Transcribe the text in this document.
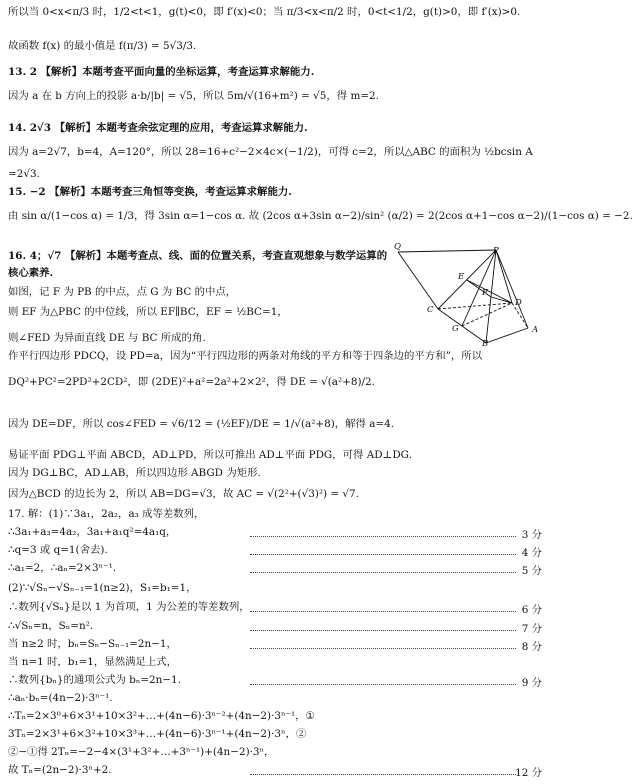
所以当 0<x<π/3 时，1/2<t<1，g(t)<0，即 f′(x)<0；当 π/3<x<π/2 时，0<t<1/2，g(t)>0，即 f′(x)>0.
故函数 f(x) 的最小值是 f(π/3) = 5√3/3.
13. 2 【解析】本题考查平面向量的坐标运算，考查运算求解能力.
因为 a 在 b 方向上的投影 a·b/|b| = √5，所以 5m/√(16+m²) = √5，得 m=2.
14. 2√3 【解析】本题考查余弦定理的应用，考查运算求解能力.
因为 a=2√7，b=4，A=120°，所以 28=16+c²−2×4c×(−1/2)，可得 c=2，所以△ABC 的面积为 ½bcsin A
=2√3.
15. −2 【解析】本题考查三角恒等变换，考查运算求解能力.
由 sin α/(1−cos α) = 1/3，得 3sin α=1−cos α. 故 (2cos α+3sin α−2)/sin² (α/2) = 2(2cos α+1−cos α−2)/(1−cos α) = −2.
16. 4；√7 【解析】本题考查点、线、面的位置关系，考查直观想象与数学运算的
核心素养.
如图，记 F 为 PB 的中点，点 G 为 BC 的中点，
则 EF 为△PBC 的中位线，所以 EF∥BC，EF = ½BC=1，
则∠FED 为异面直线 DE 与 BC 所成的角.
作平行四边形 PDCQ，设 PD=a，因为“平行四边形的两条对角线的平方和等于四条边的平方和”，所以
DQ²+PC²=2PD²+2CD²，即 (2DE)²+a²=2a²+2×2²，得 DE = √(a²+8)/2.
因为 DE=DF，所以 cos∠FED = √6/12 = (½EF)/DE = 1/√(a²+8)，解得 a=4.
易证平面 PDG⊥平面 ABCD，AD⊥PD，所以可推出 AD⊥平面 PDG，可得 AD⊥DG.
因为 DG⊥BC，AD⊥AB，所以四边形 ABGD 为矩形.
因为△BCD 的边长为 2，所以 AB=DG=√3，故 AC = √(2²+(√3)²) = √7.
17. 解：(1)∵3a₁，2a₂，a₃ 成等差数列，
∴3a₁+a₃=4a₂，3a₁+a₁q²=4a₁q，	3 分
∴q=3 或 q=1(舍去).	4 分
∴a₁=2，∴aₙ=2×3ⁿ⁻¹.	5 分
(2)∵√Sₙ−√Sₙ₋₁=1(n≥2)，S₁=b₁=1，
∴数列{√Sₙ}是以 1 为首项，1 为公差的等差数列，	6 分
∴√Sₙ=n，Sₙ=n².	7 分
当 n≥2 时，bₙ=Sₙ−Sₙ₋₁=2n−1，	8 分
当 n=1 时，b₁=1，显然满足上式，
∴数列{bₙ}的通项公式为 bₙ=2n−1.	9 分
∴aₙ·bₙ=(4n−2)·3ⁿ⁻¹.
∴Tₙ=2×3⁰+6×3¹+10×3²+…+(4n−6)·3ⁿ⁻²+(4n−2)·3ⁿ⁻¹，①
3Tₙ=2×3¹+6×3²+10×3³+…+(4n−6)·3ⁿ⁻¹+(4n−2)·3ⁿ，②
②−①得 2Tₙ=−2−4×(3¹+3²+…+3ⁿ⁻¹)+(4n−2)·3ⁿ，
故 Tₙ=(2n−2)·3ⁿ+2.	12 分
P
Q
E
F
C
D
G
B
A
